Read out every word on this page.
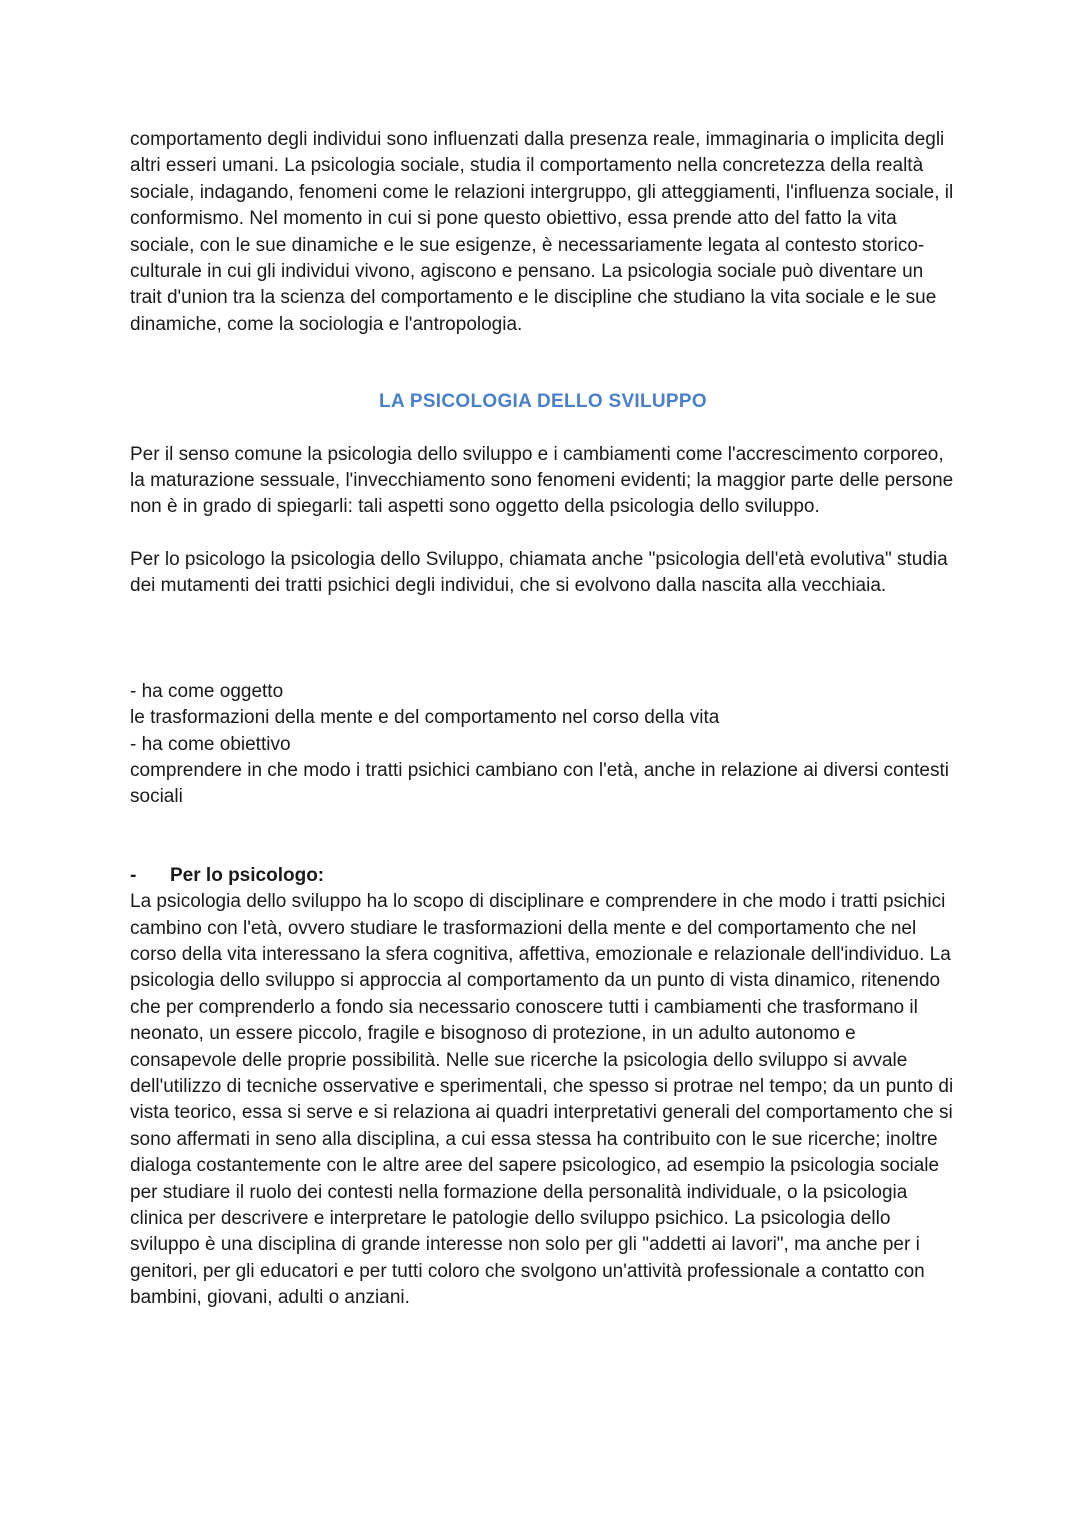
comportamento degli individui sono influenzati dalla presenza reale, immaginaria o implicita degli altri esseri umani. La psicologia sociale, studia il comportamento nella concretezza della realtà sociale, indagando, fenomeni come le relazioni intergruppo, gli atteggiamenti, l'influenza sociale, il conformismo. Nel momento in cui si pone questo obiettivo, essa prende atto del fatto la vita sociale, con le sue dinamiche e le sue esigenze, è necessariamente legata al contesto storico-culturale in cui gli individui vivono, agiscono e pensano. La psicologia sociale può diventare un trait d'union tra la scienza del comportamento e le discipline che studiano la vita sociale e le sue dinamiche, come la sociologia e l'antropologia.

LA PSICOLOGIA DELLO SVILUPPO

Per il senso comune la psicologia dello sviluppo e i cambiamenti come l'accrescimento corporeo, la maturazione sessuale, l'invecchiamento sono fenomeni evidenti; la maggior parte delle persone non è in grado di spiegarli: tali aspetti sono oggetto della psicologia dello sviluppo.

Per lo psicologo la psicologia dello Sviluppo, chiamata anche "psicologia dell'età evolutiva" studia dei mutamenti dei tratti psichici degli individui, che si evolvono dalla nascita alla vecchiaia.

- ha come oggetto
le trasformazioni della mente e del comportamento nel corso della vita
- ha come obiettivo
comprendere in che modo i tratti psichici cambiano con l'età, anche in relazione ai diversi contesti sociali
-	Per lo psicologo:

La psicologia dello sviluppo ha lo scopo di disciplinare e comprendere in che modo i tratti psichici cambino con l'età, ovvero studiare le trasformazioni della mente e del comportamento che nel corso della vita interessano la sfera cognitiva, affettiva, emozionale e relazionale dell'individuo. La psicologia dello sviluppo si approccia al comportamento da un punto di vista dinamico, ritenendo che per comprenderlo a fondo sia necessario conoscere tutti i cambiamenti che trasformano il neonato, un essere piccolo, fragile e bisognoso di protezione, in un adulto autonomo e consapevole delle proprie possibilità. Nelle sue ricerche la psicologia dello sviluppo si avvale dell'utilizzo di tecniche osservative e sperimentali, che spesso si protrae nel tempo; da un punto di vista teorico, essa si serve e si relaziona ai quadri interpretativi generali del comportamento che si sono affermati in seno alla disciplina, a cui essa stessa ha contribuito con le sue ricerche; inoltre dialoga costantemente con le altre aree del sapere psicologico, ad esempio la psicologia sociale per studiare il ruolo dei contesti nella formazione della personalità individuale, o la psicologia clinica per descrivere e interpretare le patologie dello sviluppo psichico. La psicologia dello sviluppo è una disciplina di grande interesse non solo per gli "addetti ai lavori", ma anche per i genitori, per gli educatori e per tutti coloro che svolgono un'attività professionale a contatto con bambini, giovani, adulti o anziani.
